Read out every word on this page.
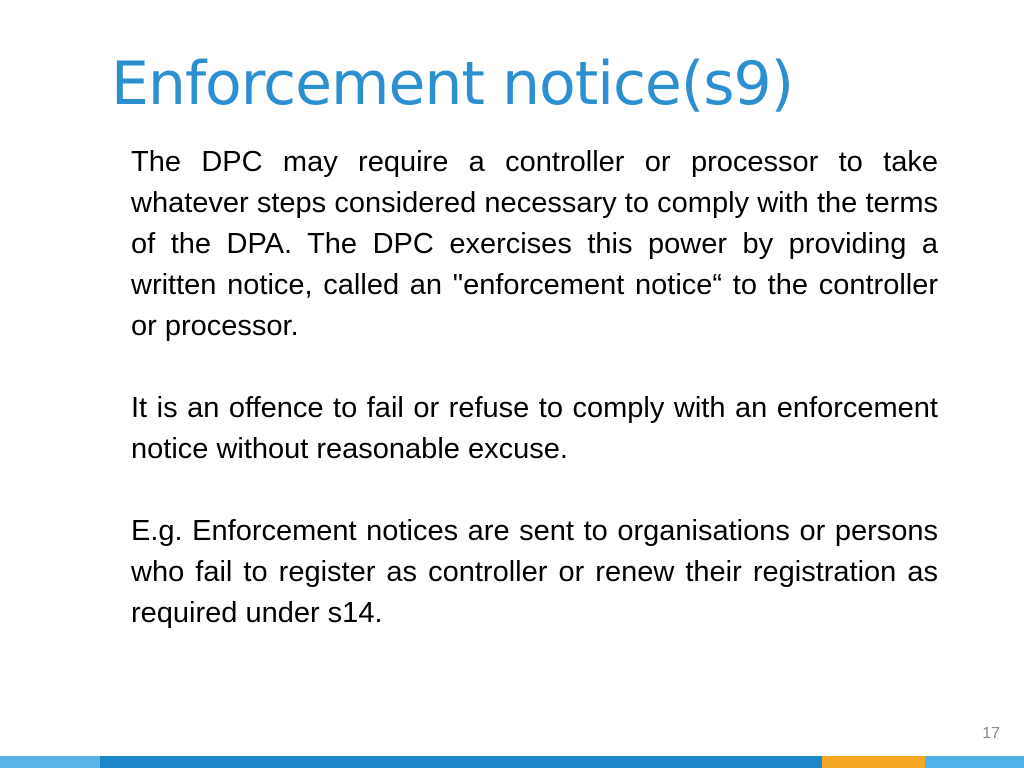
Enforcement notice(s9)

The DPC may require a controller or processor to take whatever steps considered necessary to comply with the terms of the DPA. The DPC exercises this power by providing a written notice, called an "enforcement notice“ to the controller or processor.

It is an offence to fail or refuse to comply with an enforcement notice without reasonable excuse.

E.g. Enforcement notices are sent to organisations or persons who fail to register as controller or renew their registration as required under s14.

17
